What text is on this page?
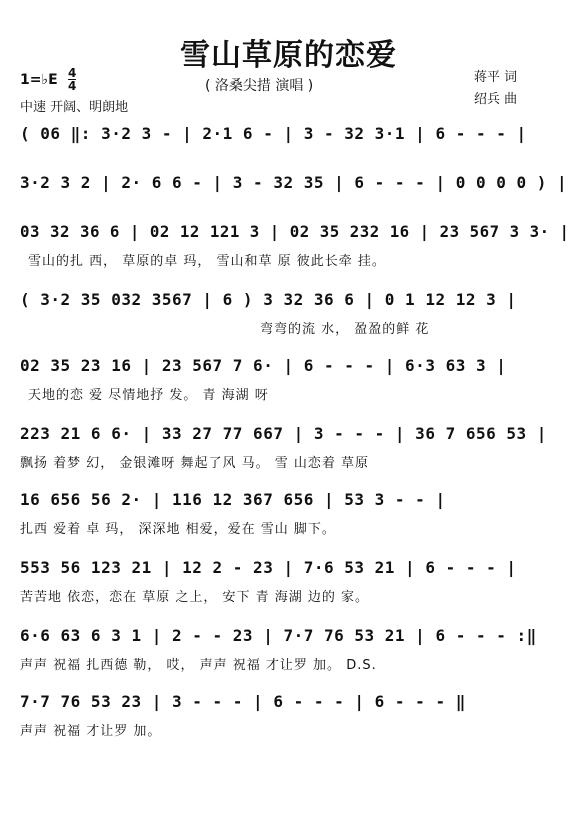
雪山草原的恋爱
( 洛桑尖措 演唱 )
1=♭E 4
4
中速 开阔、明朗地
蒋平 词
绍兵 曲
( 06 ‖: 3·2 3 - | 2·1 6 - | 3 - 32 3·1 | 6 - - - |
3·2 3 2 | 2· 6 6 - | 3 - 32 35 | 6 - - - | 0 0 0 0 ) |
03 32 36 6 | 02 12 121 3 | 02 35 232 16 | 23 567 3 3· |
雪山的扎 西， 草原的卓 玛， 雪山和草 原 彼此长牵 挂。
( 3·2 35 032 3567 | 6 ) 3 32 36 6 | 0 1 12 12 3 |
弯弯的流 水， 盈盈的鲜 花
02 35 23 16 | 23 567 7 6· | 6 - - - | 6·3 63 3 |
天地的恋 爱 尽情地抒 发。 青 海湖 呀
223 21 6 6· | 33 27 77 667 | 3 - - - | 36 7 656 53 |
飘扬 着梦 幻， 金银滩呀 舞起了风 马。 雪 山恋着 草原
16 656 56 2· | 116 12 367 656 | 53 3 - - |
扎西 爱着 卓 玛， 深深地 相爱，爱在 雪山 脚下。
553 56 123 21 | 12 2 - 23 | 7·6 53 21 | 6 - - - |
苦苦地 依恋，恋在 草原 之上， 安下 青 海湖 边的 家。
6·6 63 6 3 1 | 2 - - 23 | 7·7 76 53 21 | 6 - - - :‖
声声 祝福 扎西德 勒， 哎， 声声 祝福 才让罗 加。 D.S.
7·7 76 53 23 | 3 - - - | 6 - - - | 6 - - - ‖
声声 祝福 才让罗 加。
